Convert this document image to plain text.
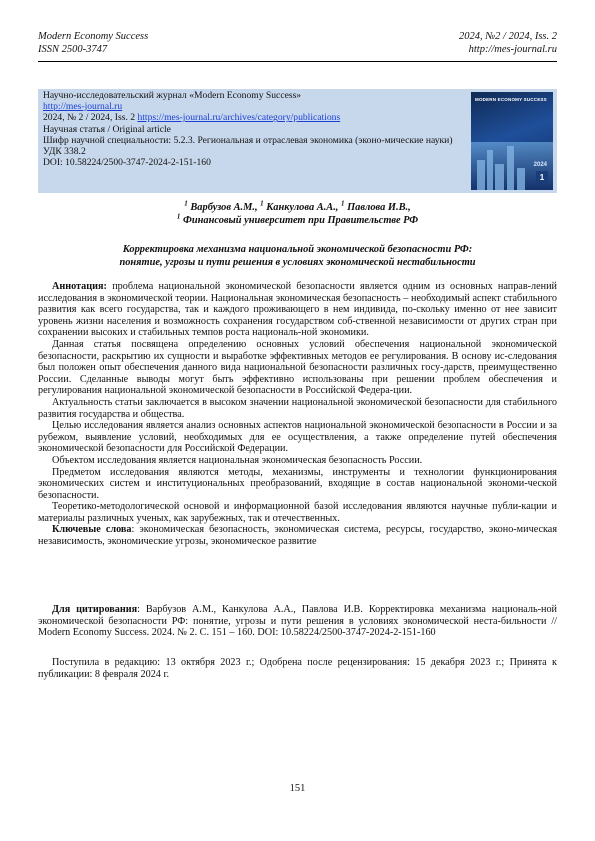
Modern Economy Success
ISSN 2500-3747
2024, №2 / 2024, Iss. 2
http://mes-journal.ru
Научно-исследовательский журнал «Modern Economy Success»
http://mes-journal.ru
2024, № 2 / 2024, Iss. 2 https://mes-journal.ru/archives/category/publications
Научная статья / Original article
Шифр научной специальности: 5.2.3. Региональная и отраслевая экономика (эконо-мические науки)
УДК 338.2
DOI: 10.58224/2500-3747-2024-2-151-160
MODERN ECONOMY SUCCESS
2024
1
$^1$ Варбузов А.М., $^1$ Канкулова А.А., $^1$ Павлова И.В.,
$^1$ Финансовый университет при Правительстве РФ
Корректировка механизма национальной экономической безопасности РФ:
понятие, угрозы и пути решения в условиях экономической нестабильности

Аннотация: проблема национальной экономической безопасности является одним из основных направ-лений исследования в экономической теории. Национальная экономическая безопасность – необходимый аспект стабильного развития как всего государства, так и каждого проживающего в нем индивида, по-скольку именно от нее зависит уровень жизни населения и возможность сохранения государством соб-ственной независимости от других стран при сохранении высоких и стабильных темпов роста националь-ной экономики.

Данная статья посвящена определению основных условий обеспечения национальной экономической безопасности, раскрытию их сущности и выработке эффективных методов ее регулирования. В основу ис-следования был положен опыт обеспечения данного вида национальной безопасности различных госу-дарств, преимущественно России. Сделанные выводы могут быть эффективно использованы при решении проблем обеспечения и регулирования национальной экономической безопасности в Российской Федера-ции.

Актуальность статьи заключается в высоком значении национальной экономической безопасности для стабильного развития государства и общества.

Целью исследования является анализ основных аспектов национальной экономической безопасности в России и за рубежом, выявление условий, необходимых для ее осуществления, а также определение путей обеспечения экономической безопасности для Российской Федерации.

Объектом исследования является национальная экономическая безопасность России.

Предметом исследования являются методы, механизмы, инструменты и технологии функционирования экономических систем и институциональных преобразований, входящие в состав национальной экономи-ческой безопасности.

Теоретико-методологической основой и информационной базой исследования являются научные публи-кации и материалы различных ученых, как зарубежных, так и отечественных.

Ключевые слова: экономическая безопасность, экономическая система, ресурсы, государство, эконо-мическая независимость, экономические угрозы, экономическое развитие

Для цитирования: Варбузов А.М., Канкулова А.А., Павлова И.В. Корректировка механизма националь-ной экономической безопасности РФ: понятие, угрозы и пути решения в условиях экономической неста-бильности // Modern Economy Success. 2024. № 2. С. 151 – 160. DOI: 10.58224/2500-3747-2024-2-151-160

Поступила в редакцию: 13 октября 2023 г.; Одобрена после рецензирования: 15 декабря 2023 г.; Принята к публикации: 8 февраля 2024 г.

151
